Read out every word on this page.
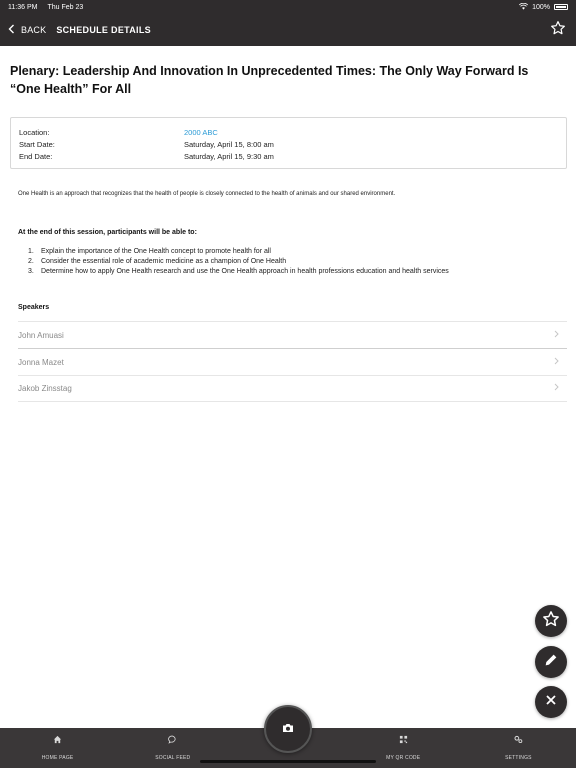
11:36 PM Thu Feb 23	100%
BACK SCHEDULE DETAILS
Plenary: Leadership And Innovation In Unprecedented Times: The Only Way Forward Is “One Health” For All
Location:	2000 ABC
Start Date:	Saturday, April 15, 8:00 am
End Date:	Saturday, April 15, 9:30 am
One Health is an approach that recognizes that the health of people is closely connected to the health of animals and our shared environment.
At the end of this session, participants will be able to:
1.	Explain the importance of the One Health concept to promote health for all
2.	Consider the essential role of academic medicine as a champion of One Health
3.	Determine how to apply One Health research and use the One Health approach in health professions education and health services
Speakers
John Amuasi
Jonna Mazet
Jakob Zinsstag
HOME PAGE	SOCIAL FEED	MY QR CODE	SETTINGS
